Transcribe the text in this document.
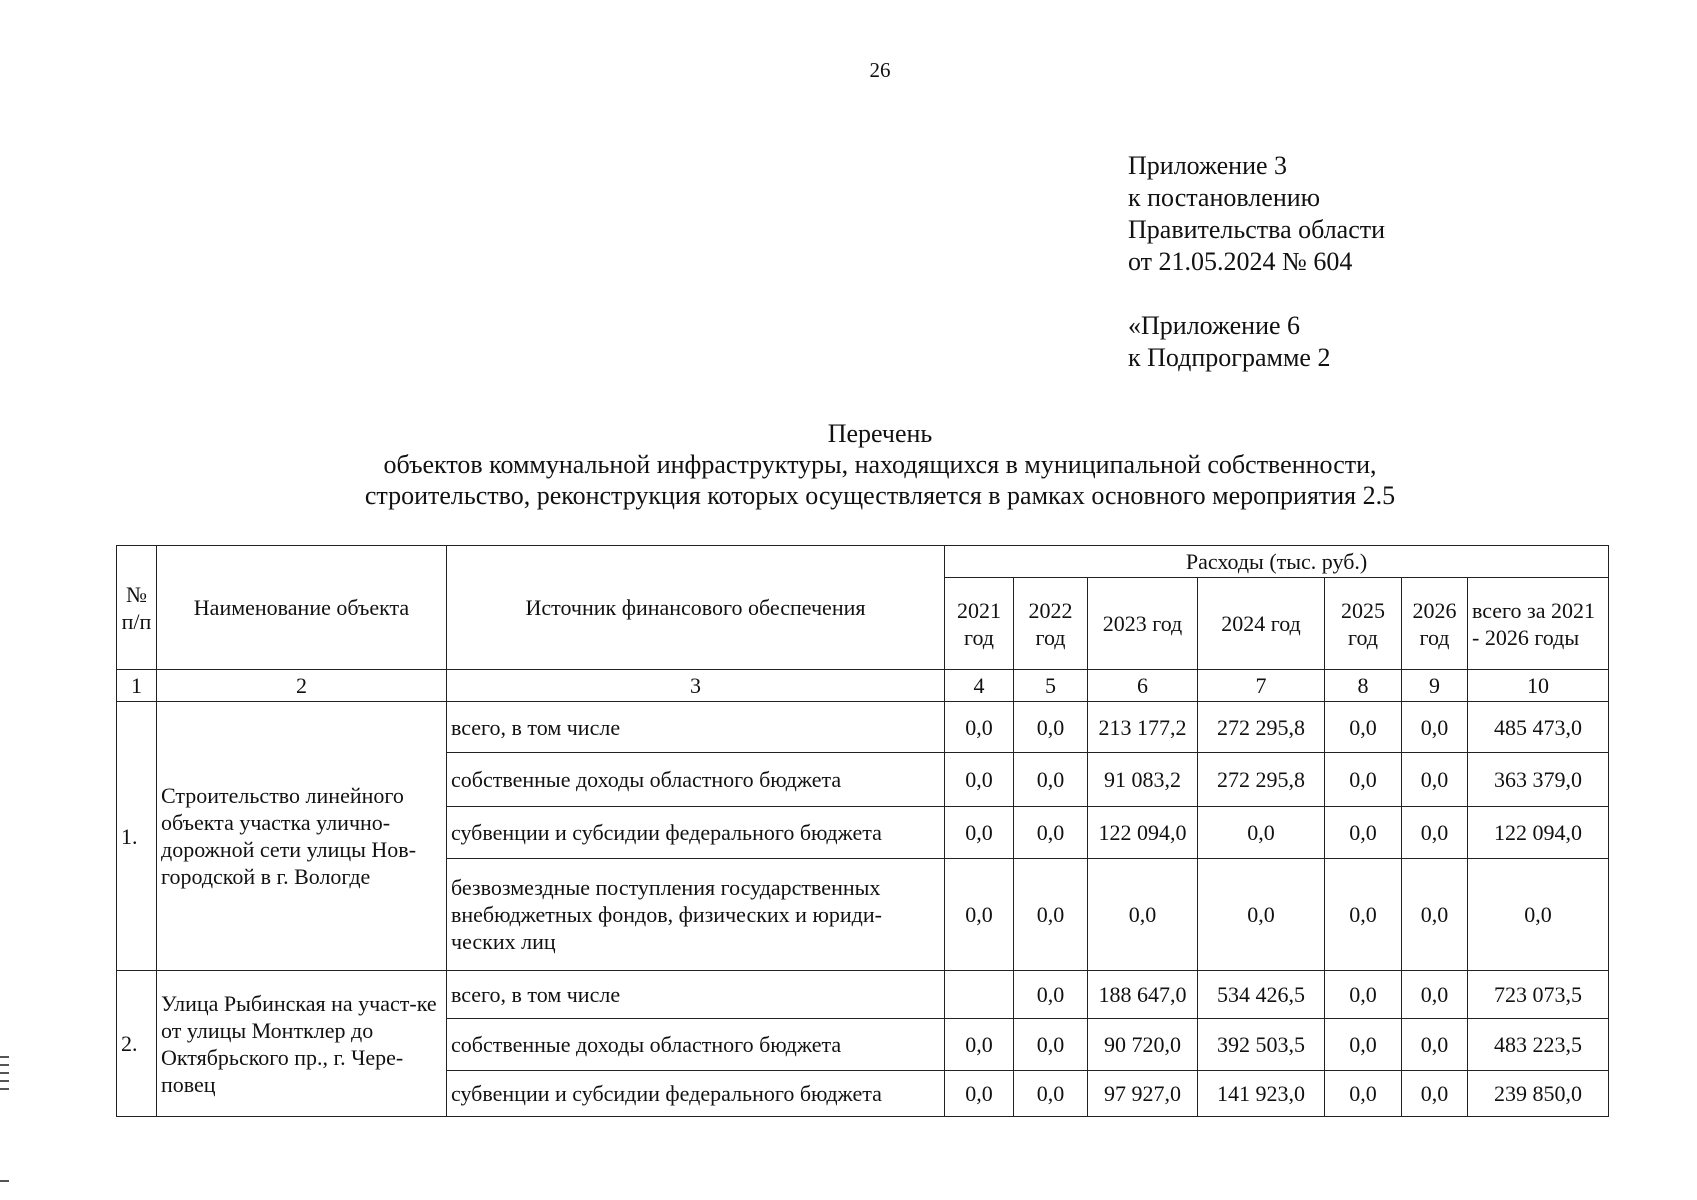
26
Приложение 3
к постановлению
Правительства области
от 21.05.2024 № 604
«Приложение 6
к Подпрограмме 2
Перечень
объектов коммунальной инфраструктуры, находящихся в муниципальной собственности,
строительство, реконструкция которых осуществляется в рамках основного мероприятия 2.5
№ п/п	Наименование объекта	Источник финансового обеспечения	Расходы (тыс. руб.)						
			2021 год	2022 год	2023 год	2024 год	2025 год	2026 год	всего за 2021 - 2026 годы
1	2	3	4	5	6	7	8	9	10
1.	Строительство линейного объекта участка улично-дорожной сети улицы Нов-городской в г. Вологде	всего, в том числе	0,0	0,0	213 177,2	272 295,8	0,0	0,0	485 473,0
		собственные доходы областного бюджета	0,0	0,0	91 083,2	272 295,8	0,0	0,0	363 379,0
		субвенции и субсидии федерального бюджета	0,0	0,0	122 094,0	0,0	0,0	0,0	122 094,0
		безвозмездные поступления государственных внебюджетных фондов, физических и юриди-ческих лиц	0,0	0,0	0,0	0,0	0,0	0,0	0,0
2.	Улица Рыбинская на участ-ке от улицы Монтклер до Октябрьского пр., г. Чере-повец	всего, в том числе		0,0	188 647,0	534 426,5	0,0	0,0	723 073,5
		собственные доходы областного бюджета	0,0	0,0	90 720,0	392 503,5	0,0	0,0	483 223,5
		субвенции и субсидии федерального бюджета	0,0	0,0	97 927,0	141 923,0	0,0	0,0	239 850,0
